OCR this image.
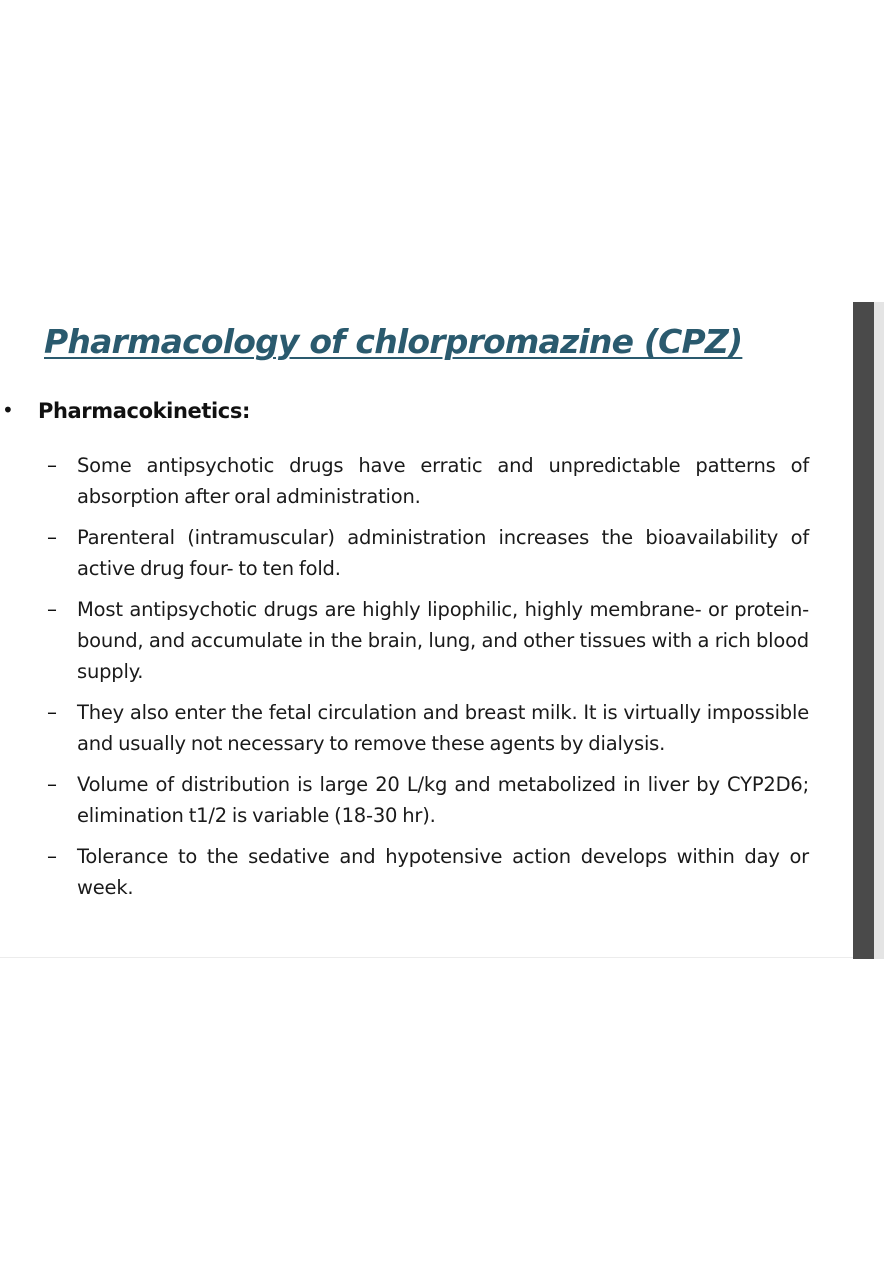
Pharmacology of chlorpromazine (CPZ)
• Pharmacokinetics:
– Some antipsychotic drugs have erratic and unpredictable patterns of absorption after oral administration.
– Parenteral (intramuscular) administration increases the bioavailability of active drug four- to ten fold.
– Most antipsychotic drugs are highly lipophilic, highly membrane- or protein-bound, and accumulate in the brain, lung, and other tissues with a rich blood supply.
– They also enter the fetal circulation and breast milk. It is virtually impossible and usually not necessary to remove these agents by dialysis.
– Volume of distribution is large 20 L/kg and metabolized in liver by CYP2D6; elimination t1/2 is variable (18-30 hr).
– Tolerance to the sedative and hypotensive action develops within day or week.
